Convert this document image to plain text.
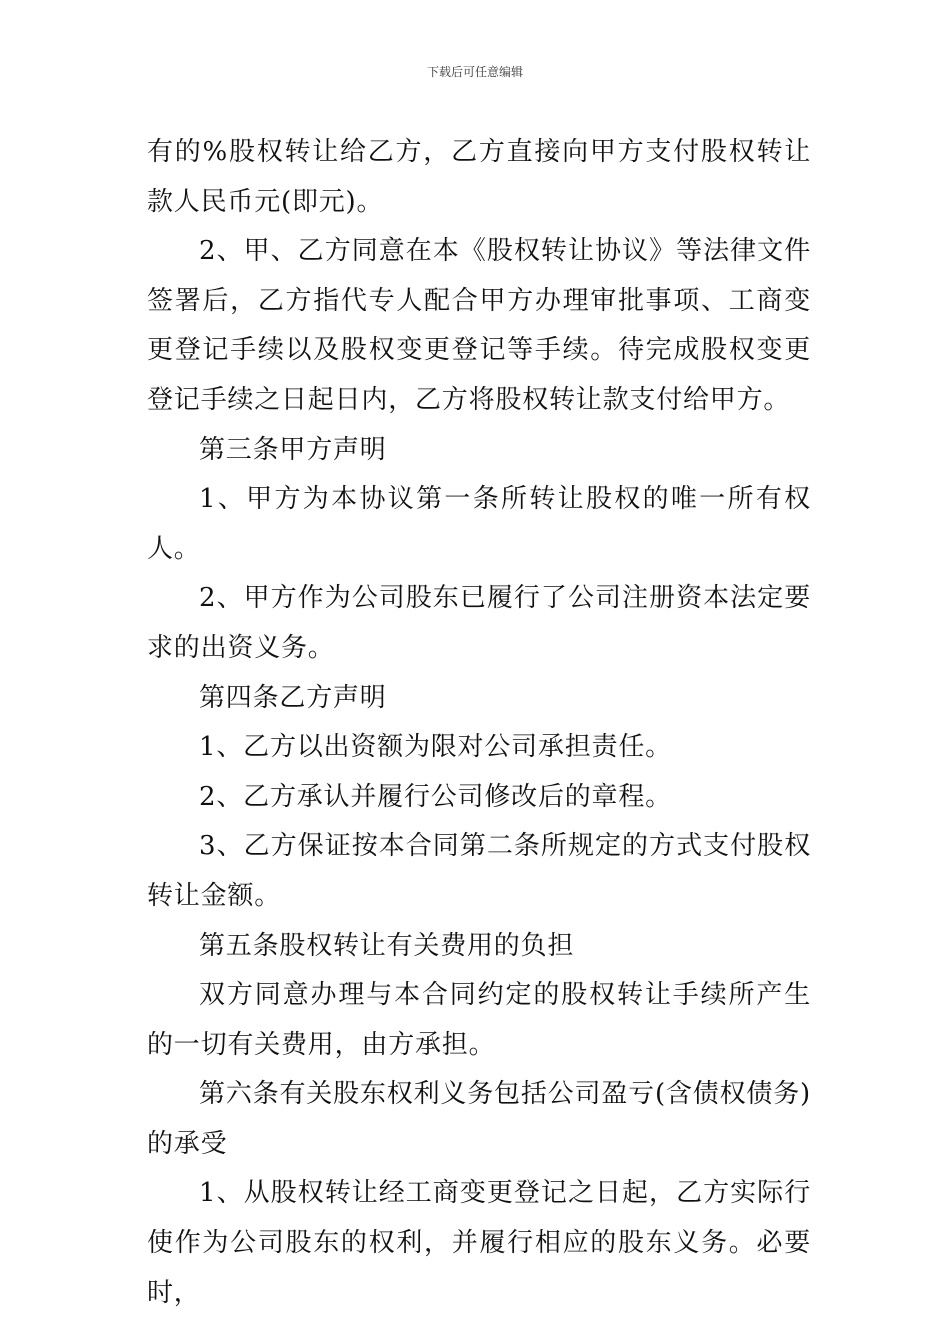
下载后可任意编辑

有的%股权转让给乙方，乙方直接向甲方支付股权转让款人民币元(即元)。

2、甲、乙方同意在本《股权转让协议》等法律文件签署后，乙方指代专人配合甲方办理审批事项、工商变更登记手续以及股权变更登记等手续。待完成股权变更登记手续之日起日内，乙方将股权转让款支付给甲方。

第三条甲方声明

1、甲方为本协议第一条所转让股权的唯一所有权人。

2、甲方作为公司股东已履行了公司注册资本法定要求的出资义务。

第四条乙方声明

1、乙方以出资额为限对公司承担责任。

2、乙方承认并履行公司修改后的章程。

3、乙方保证按本合同第二条所规定的方式支付股权转让金额。

第五条股权转让有关费用的负担

双方同意办理与本合同约定的股权转让手续所产生的一切有关费用，由方承担。

第六条有关股东权利义务包括公司盈亏(含债权债务)的承受

1、从股权转让经工商变更登记之日起，乙方实际行使作为公司股东的权利，并履行相应的股东义务。必要时，
